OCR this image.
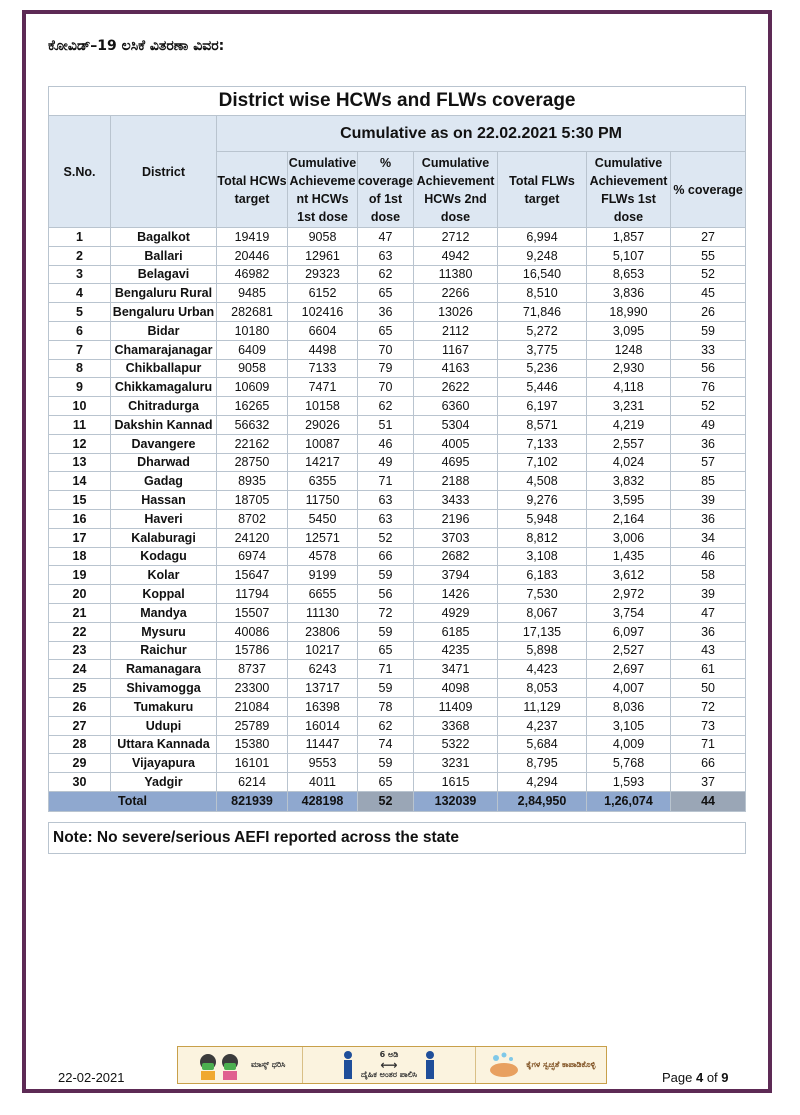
ಕೋವಿಡ್–19 ಲಸಿಕೆ ವಿತರಣಾ ವಿವರ:
District wise HCWs and FLWs coverage								
S.No.	District	Cumulative as on 22.02.2021 5:30 PM						
		Total HCWs target	Cumulative Achieveme nt HCWs 1st dose	% coverage of 1st dose	Cumulative Achievement HCWs 2nd dose	Total FLWs target	Cumulative Achievement FLWs 1st dose	% coverage
1	Bagalkot	19419	9058	47	2712	6,994	1,857	27
2	Ballari	20446	12961	63	4942	9,248	5,107	55
3	Belagavi	46982	29323	62	11380	16,540	8,653	52
4	Bengaluru Rural	9485	6152	65	2266	8,510	3,836	45
5	Bengaluru Urban	282681	102416	36	13026	71,846	18,990	26
6	Bidar	10180	6604	65	2112	5,272	3,095	59
7	Chamarajanagar	6409	4498	70	1167	3,775	1248	33
8	Chikballapur	9058	7133	79	4163	5,236	2,930	56
9	Chikkamagaluru	10609	7471	70	2622	5,446	4,118	76
10	Chitradurga	16265	10158	62	6360	6,197	3,231	52
11	Dakshin Kannad	56632	29026	51	5304	8,571	4,219	49
12	Davangere	22162	10087	46	4005	7,133	2,557	36
13	Dharwad	28750	14217	49	4695	7,102	4,024	57
14	Gadag	8935	6355	71	2188	4,508	3,832	85
15	Hassan	18705	11750	63	3433	9,276	3,595	39
16	Haveri	8702	5450	63	2196	5,948	2,164	36
17	Kalaburagi	24120	12571	52	3703	8,812	3,006	34
18	Kodagu	6974	4578	66	2682	3,108	1,435	46
19	Kolar	15647	9199	59	3794	6,183	3,612	58
20	Koppal	11794	6655	56	1426	7,530	2,972	39
21	Mandya	15507	11130	72	4929	8,067	3,754	47
22	Mysuru	40086	23806	59	6185	17,135	6,097	36
23	Raichur	15786	10217	65	4235	5,898	2,527	43
24	Ramanagara	8737	6243	71	3471	4,423	2,697	61
25	Shivamogga	23300	13717	59	4098	8,053	4,007	50
26	Tumakuru	21084	16398	78	11409	11,129	8,036	72
27	Udupi	25789	16014	62	3368	4,237	3,105	73
28	Uttara Kannada	15380	11447	74	5322	5,684	4,009	71
29	Vijayapura	16101	9553	59	3231	8,795	5,768	66
30	Yadgir	6214	4011	65	1615	4,294	1,593	37
Total		821939	428198	52	132039	2,84,950	1,26,074	44

Note: No severe/serious AEFI reported across the state								
ಮಾಸ್ಕ್ ಧರಿಸಿ
6 ಅಡಿ
⟷
ದೈಹಿಕ ಅಂತರ ಪಾಲಿಸಿ
ಕೈಗಳ ಸ್ವಚ್ಛತೆ ಕಾಪಾಡಿಕೊಳ್ಳಿ
22-02-2021	Page 4 of 9
